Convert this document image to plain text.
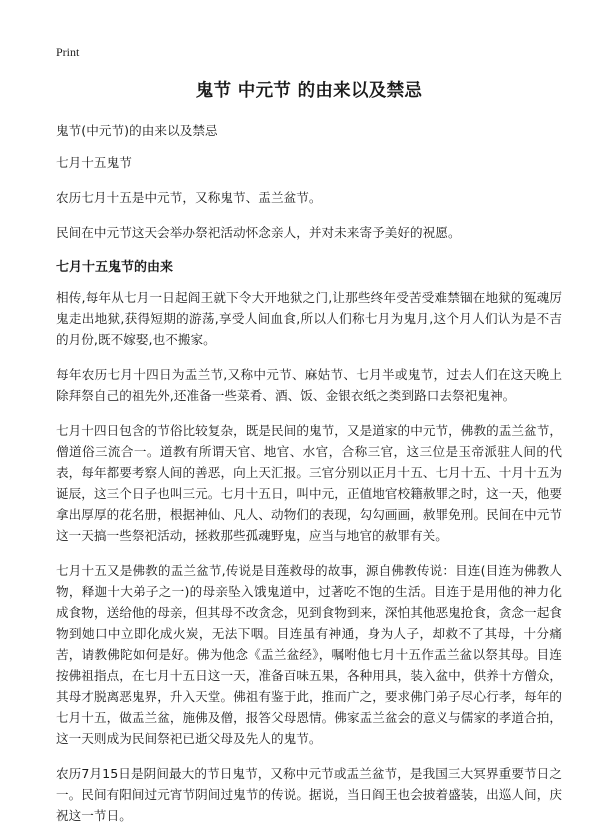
Print
鬼节 中元节 的由来以及禁忌

鬼节(中元节)的由来以及禁忌

七月十五鬼节

农历七月十五是中元节，又称鬼节、盂兰盆节。

民间在中元节这天会举办祭祀活动怀念亲人，并对未来寄予美好的祝愿。

七月十五鬼节的由来

相传,每年从七月一日起阎王就下令大开地狱之门,让那些终年受苦受难禁锢在地狱的冤魂厉鬼走出地狱,获得短期的游荡,享受人间血食,所以人们称七月为鬼月,这个月人们认为是不吉的月份,既不嫁娶,也不搬家。

每年农历七月十四日为盂兰节,又称中元节、麻姑节、七月半或鬼节，过去人们在这天晚上除拜祭自己的祖先外,还准备一些菜肴、酒、饭、金银衣纸之类到路口去祭祀鬼神。

七月十四日包含的节俗比较复杂，既是民间的鬼节，又是道家的中元节，佛教的盂兰盆节，僧道俗三流合一。道教有所谓天官、地官、水官，合称三官，这三位是玉帝派驻人间的代表，每年都要考察人间的善恶，向上天汇报。三官分别以正月十五、七月十五、十月十五为诞辰，这三个日子也叫三元。七月十五日，叫中元，正值地官校籍赦罪之时，这一天，他要拿出厚厚的花名册，根据神仙、凡人、动物们的表现，勾勾画画，赦罪免刑。民间在中元节这一天搞一些祭祀活动，拯救那些孤魂野鬼，应当与地官的赦罪有关。

七月十五又是佛教的盂兰盆节,传说是目莲救母的故事，源自佛教传说：目连(目连为佛教人物，释迦十大弟子之一)的母亲坠入饿鬼道中，过著吃不饱的生活。目连于是用他的神力化成食物，送给他的母亲，但其母不改贪念，见到食物到来，深怕其他恶鬼抢食，贪念一起食物到她口中立即化成火炭，无法下咽。目连虽有神通，身为人子，却救不了其母，十分痛苦，请教佛陀如何是好。佛为他念《盂兰盆经》，嘱咐他七月十五作盂兰盆以祭其母。目连按佛祖指点，在七月十五日这一天，准备百味五果，各种用具，装入盆中，供养十方僧众，其母才脱离恶鬼界，升入天堂。佛祖有鉴于此，推而广之，要求佛门弟子尽心行孝，每年的七月十五，做盂兰盆，施佛及僧，报答父母恩情。佛家盂兰盆会的意义与儒家的孝道合拍，这一天则成为民间祭祀已逝父母及先人的鬼节。

农历7月15日是阴间最大的节日鬼节，又称中元节或盂兰盆节，是我国三大冥界重要节日之一。民间有阳间过元宵节阴间过鬼节的传说。据说，当日阎王也会披着盛装，出巡人间，庆祝这一节日。
